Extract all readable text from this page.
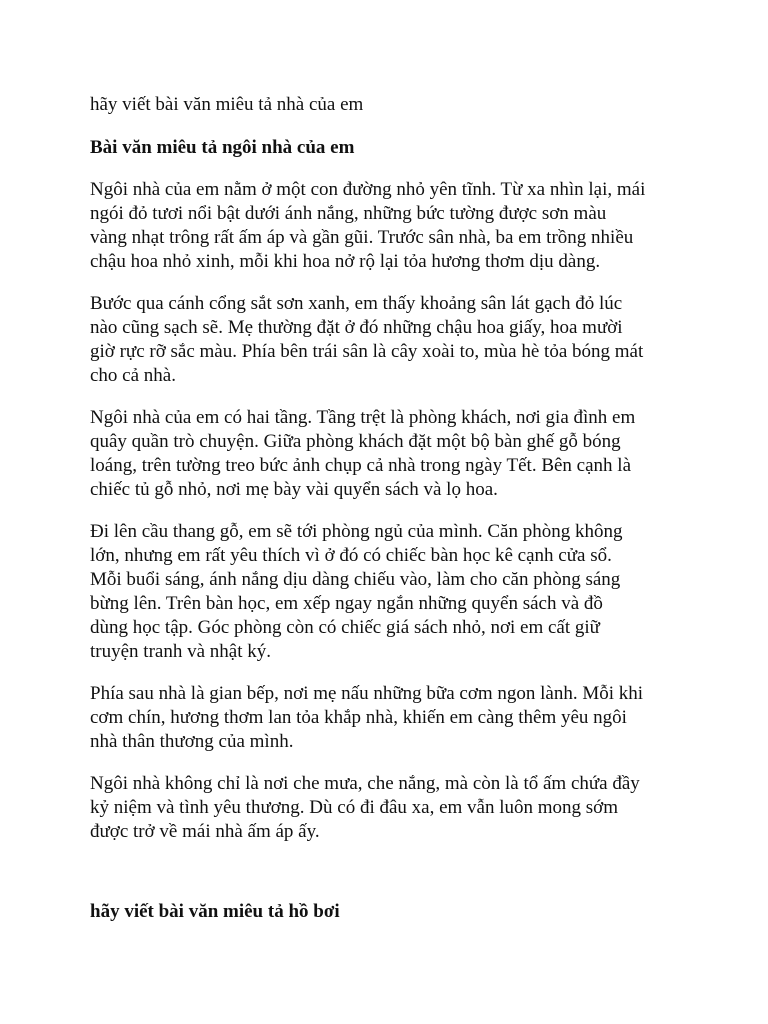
hãy viết bài văn miêu tả nhà của em
Bài văn miêu tả ngôi nhà của em
Ngôi nhà của em nằm ở một con đường nhỏ yên tĩnh. Từ xa nhìn lại, mái
ngói đỏ tươi nổi bật dưới ánh nắng, những bức tường được sơn màu
vàng nhạt trông rất ấm áp và gần gũi. Trước sân nhà, ba em trồng nhiều
chậu hoa nhỏ xinh, mỗi khi hoa nở rộ lại tỏa hương thơm dịu dàng.
Bước qua cánh cổng sắt sơn xanh, em thấy khoảng sân lát gạch đỏ lúc
nào cũng sạch sẽ. Mẹ thường đặt ở đó những chậu hoa giấy, hoa mười
giờ rực rỡ sắc màu. Phía bên trái sân là cây xoài to, mùa hè tỏa bóng mát
cho cả nhà.
Ngôi nhà của em có hai tầng. Tầng trệt là phòng khách, nơi gia đình em
quây quần trò chuyện. Giữa phòng khách đặt một bộ bàn ghế gỗ bóng
loáng, trên tường treo bức ảnh chụp cả nhà trong ngày Tết. Bên cạnh là
chiếc tủ gỗ nhỏ, nơi mẹ bày vài quyển sách và lọ hoa.
Đi lên cầu thang gỗ, em sẽ tới phòng ngủ của mình. Căn phòng không
lớn, nhưng em rất yêu thích vì ở đó có chiếc bàn học kê cạnh cửa sổ.
Mỗi buổi sáng, ánh nắng dịu dàng chiếu vào, làm cho căn phòng sáng
bừng lên. Trên bàn học, em xếp ngay ngắn những quyển sách và đồ
dùng học tập. Góc phòng còn có chiếc giá sách nhỏ, nơi em cất giữ
truyện tranh và nhật ký.
Phía sau nhà là gian bếp, nơi mẹ nấu những bữa cơm ngon lành. Mỗi khi
cơm chín, hương thơm lan tỏa khắp nhà, khiến em càng thêm yêu ngôi
nhà thân thương của mình.
Ngôi nhà không chỉ là nơi che mưa, che nắng, mà còn là tổ ấm chứa đầy
kỷ niệm và tình yêu thương. Dù có đi đâu xa, em vẫn luôn mong sớm
được trở về mái nhà ấm áp ấy.
hãy viết bài văn miêu tả hồ bơi
